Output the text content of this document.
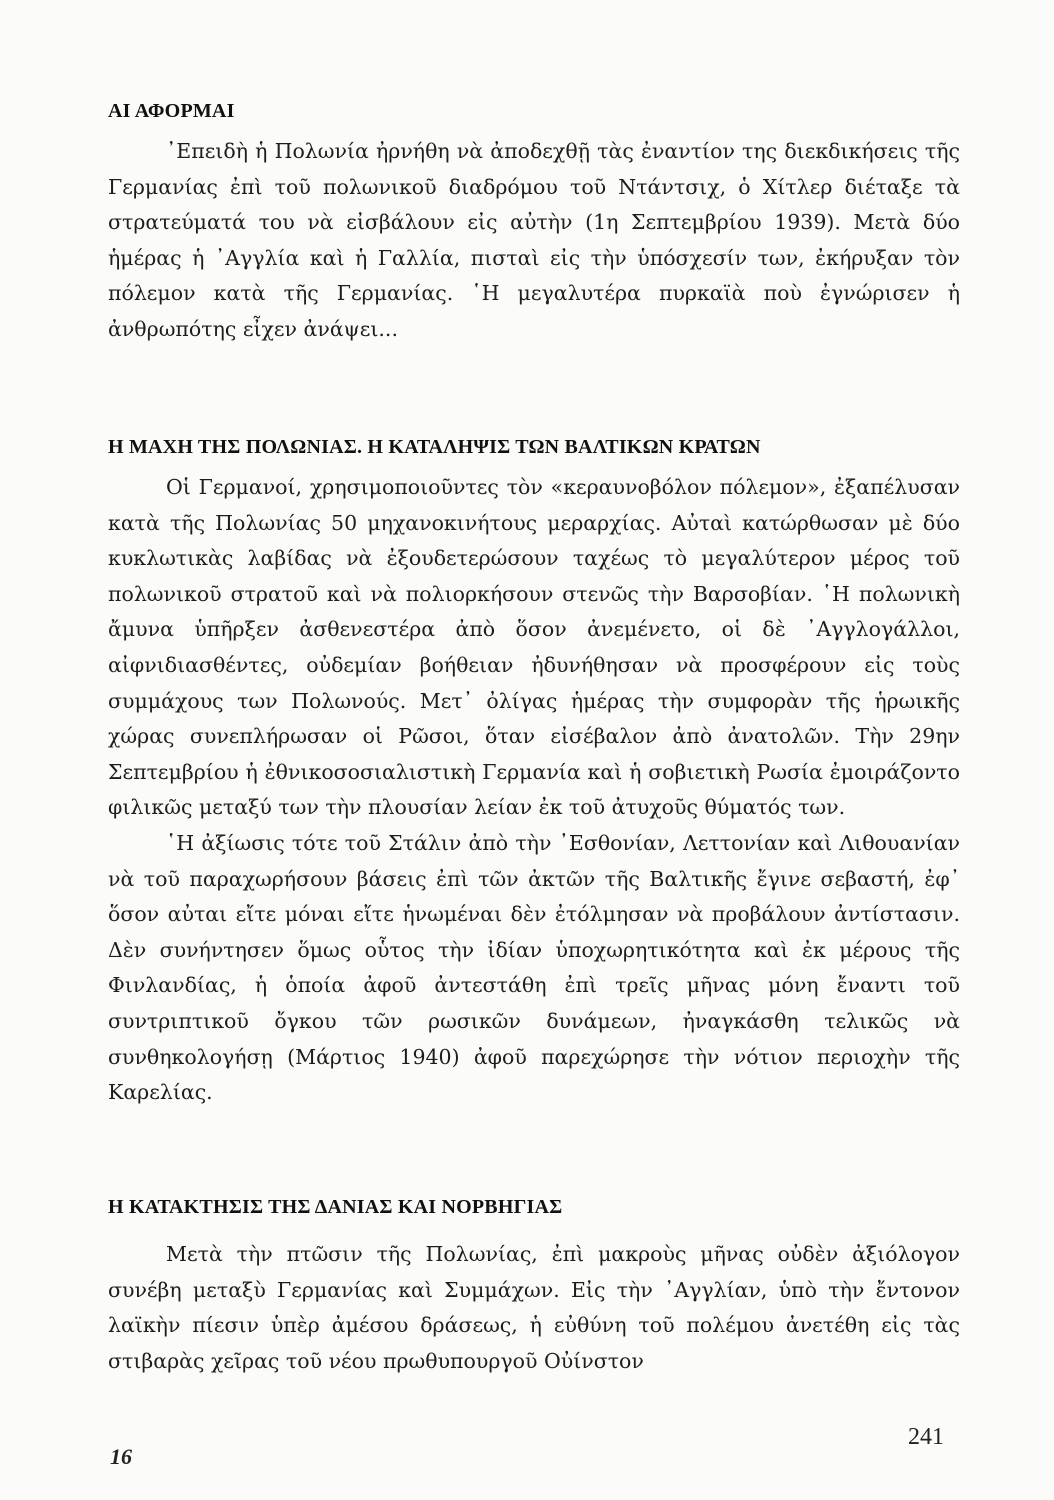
ΑΙ ΑΦΟΡΜΑΙ

᾿Επειδὴ ἡ Πολωνία ἠρνήθη νὰ ἀποδεχθῇ τὰς ἐναντίον της διεκδικήσεις τῆς Γερμανίας ἐπὶ τοῦ πολωνικοῦ διαδρόμου τοῦ Ντάντσιχ, ὁ Χίτλερ διέταξε τὰ στρατεύματά του νὰ εἰσβάλουν εἰς αὐτὴν (1η Σεπτεμβρίου 1939). Μετὰ δύο ἡμέρας ἡ ᾿Αγγλία καὶ ἡ Γαλλία, πισταὶ εἰς τὴν ὑπόσχεσίν των, ἐκήρυξαν τὸν πόλεμον κατὰ τῆς Γερμανίας. ῾Η μεγαλυτέρα πυρκαϊὰ ποὺ ἐγνώρισεν ἡ ἀνθρωπότης εἶχεν ἀνάψει...

Η ΜΑΧΗ ΤΗΣ ΠΟΛΩΝΙΑΣ. Η ΚΑΤΑΛΗΨΙΣ ΤΩΝ ΒΑΛΤΙΚΩΝ ΚΡΑΤΩΝ

Οἱ Γερμανοί, χρησιμοποιοῦντες τὸν «κεραυνοβόλον πόλεμον», ἐξαπέλυσαν κατὰ τῆς Πολωνίας 50 μηχανοκινήτους μεραρχίας. Αὐταὶ κατώρθωσαν μὲ δύο κυκλωτικὰς λαβίδας νὰ ἐξουδετερώσουν ταχέως τὸ μεγαλύτερον μέρος τοῦ πολωνικοῦ στρατοῦ καὶ νὰ πολιορκήσουν στενῶς τὴν Βαρσοβίαν. ῾Η πολωνικὴ ἄμυνα ὑπῆρξεν ἀσθενεστέρα ἀπὸ ὅσον ἀνεμένετο, οἱ δὲ ᾿Αγγλογάλλοι, αἰφνιδιασθέντες, οὐδεμίαν βοήθειαν ἠδυνήθησαν νὰ προσφέρουν εἰς τοὺς συμμάχους των Πολωνούς. Μετ᾿ ὀλίγας ἡμέρας τὴν συμφορὰν τῆς ἡρωικῆς χώρας συνεπλήρωσαν οἱ Ρῶσοι, ὅταν εἰσέβαλον ἀπὸ ἀνατολῶν. Τὴν 29ην Σεπτεμβρίου ἡ ἐθνικοσοσιαλιστικὴ Γερμανία καὶ ἡ σοβιετικὴ Ρωσία ἐμοιράζοντο φιλικῶς μεταξύ των τὴν πλουσίαν λείαν ἐκ τοῦ ἀτυχοῦς θύματός των.

῾Η ἀξίωσις τότε τοῦ Στάλιν ἀπὸ τὴν ᾿Εσθονίαν, Λεττονίαν καὶ Λιθουανίαν νὰ τοῦ παραχωρήσουν βάσεις ἐπὶ τῶν ἀκτῶν τῆς Βαλτικῆς ἔγινε σεβαστή, ἐφ᾿ ὅσον αὐται εἴτε μόναι εἴτε ἡνωμέναι δὲν ἐτόλμησαν νὰ προβάλουν ἀντίστασιν. Δὲν συνήντησεν ὅμως οὗτος τὴν ἰδίαν ὑποχωρητικότητα καὶ ἐκ μέρους τῆς Φινλανδίας, ἡ ὁποία ἀφοῦ ἀντεστάθη ἐπὶ τρεῖς μῆνας μόνη ἔναντι τοῦ συντριπτικοῦ ὄγκου τῶν ρωσικῶν δυνάμεων, ἠναγκάσθη τελικῶς νὰ συνθηκολογήσῃ (Μάρτιος 1940) ἀφοῦ παρεχώρησε τὴν νότιον περιοχὴν τῆς Καρελίας.

Η ΚΑΤΑΚΤΗΣΙΣ ΤΗΣ ΔΑΝΙΑΣ ΚΑΙ ΝΟΡΒΗΓΙΑΣ

Μετὰ τὴν πτῶσιν τῆς Πολωνίας, ἐπὶ μακροὺς μῆνας οὐδὲν ἀξιόλογον συνέβη μεταξὺ Γερμανίας καὶ Συμμάχων. Εἰς τὴν ᾿Αγγλίαν, ὑπὸ τὴν ἔντονον λαϊκὴν πίεσιν ὑπὲρ ἀμέσου δράσεως, ἡ εὐθύνη τοῦ πολέμου ἀνετέθη εἰς τὰς στιβαρὰς χεῖρας τοῦ νέου πρωθυπουργοῦ Οὐίνστον

16
241
